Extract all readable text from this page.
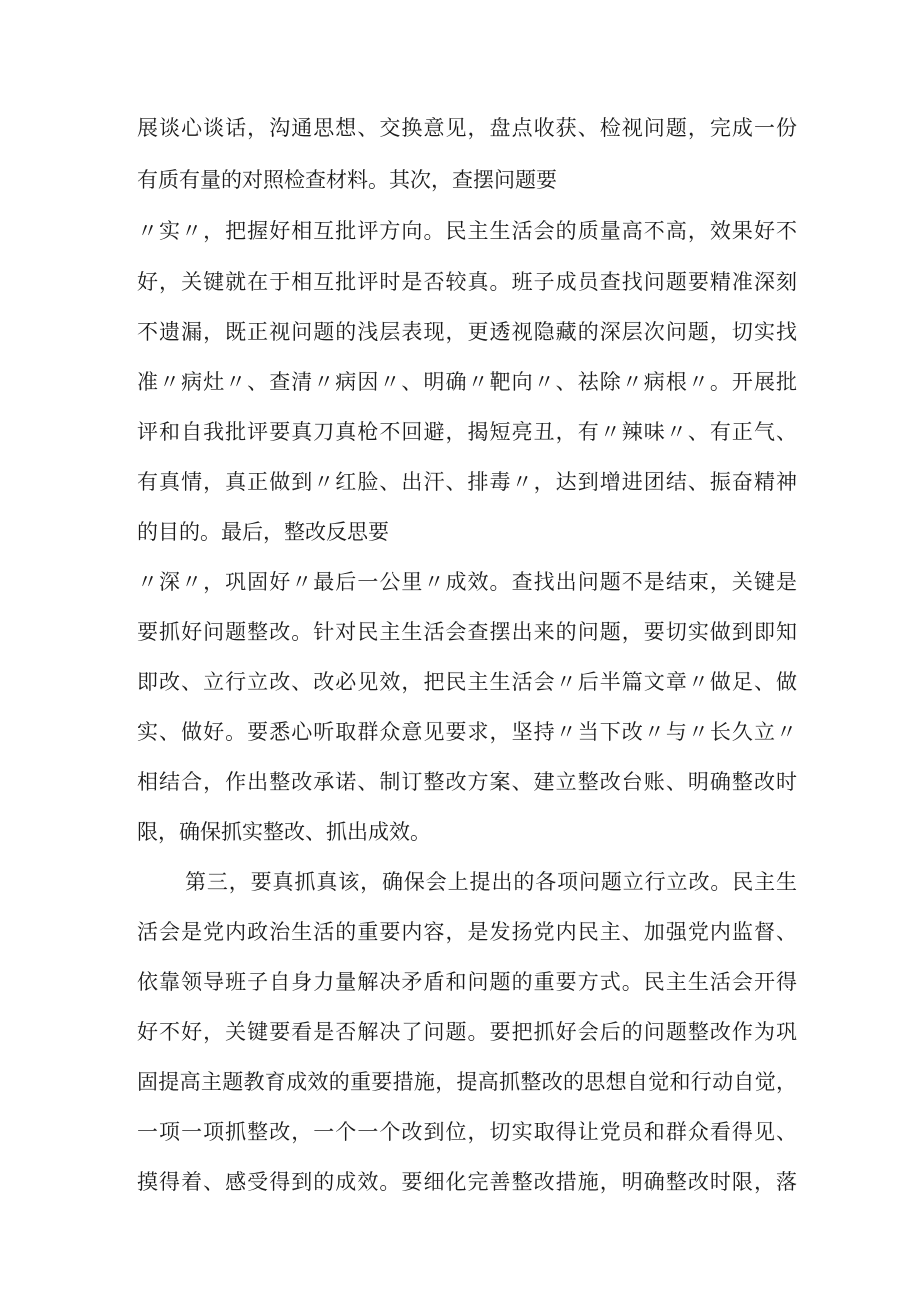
展谈心谈话，沟通思想、交换意见，盘点收获、检视问题，完成一份
有质有量的对照检查材料。其次，查摆问题要
〃实〃，把握好相互批评方向。民主生活会的质量高不高，效果好不
好，关键就在于相互批评时是否较真。班子成员查找问题要精准深刻
不遗漏，既正视问题的浅层表现，更透视隐藏的深层次问题，切实找
准〃病灶〃、查清〃病因〃、明确〃靶向〃、祛除〃病根〃。开展批
评和自我批评要真刀真枪不回避，揭短亮丑，有〃辣味〃、有正气、
有真情，真正做到〃红脸、出汗、排毒〃，达到增进团结、振奋精神
的目的。最后，整改反思要
〃深〃，巩固好〃最后一公里〃成效。查找出问题不是结束，关键是
要抓好问题整改。针对民主生活会查摆出来的问题，要切实做到即知
即改、立行立改、改必见效，把民主生活会〃后半篇文章〃做足、做
实、做好。要悉心听取群众意见要求，坚持〃当下改〃与〃长久立〃
相结合，作出整改承诺、制订整改方案、建立整改台账、明确整改时
限，确保抓实整改、抓出成效。
第三，要真抓真该，确保会上提出的各项问题立行立改。民主生
活会是党内政治生活的重要内容，是发扬党内民主、加强党内监督、
依靠领导班子自身力量解决矛盾和问题的重要方式。民主生活会开得
好不好，关键要看是否解决了问题。要把抓好会后的问题整改作为巩
固提高主题教育成效的重要措施，提高抓整改的思想自觉和行动自觉，
一项一项抓整改，一个一个改到位，切实取得让党员和群众看得见、
摸得着、感受得到的成效。要细化完善整改措施，明确整改时限，落
